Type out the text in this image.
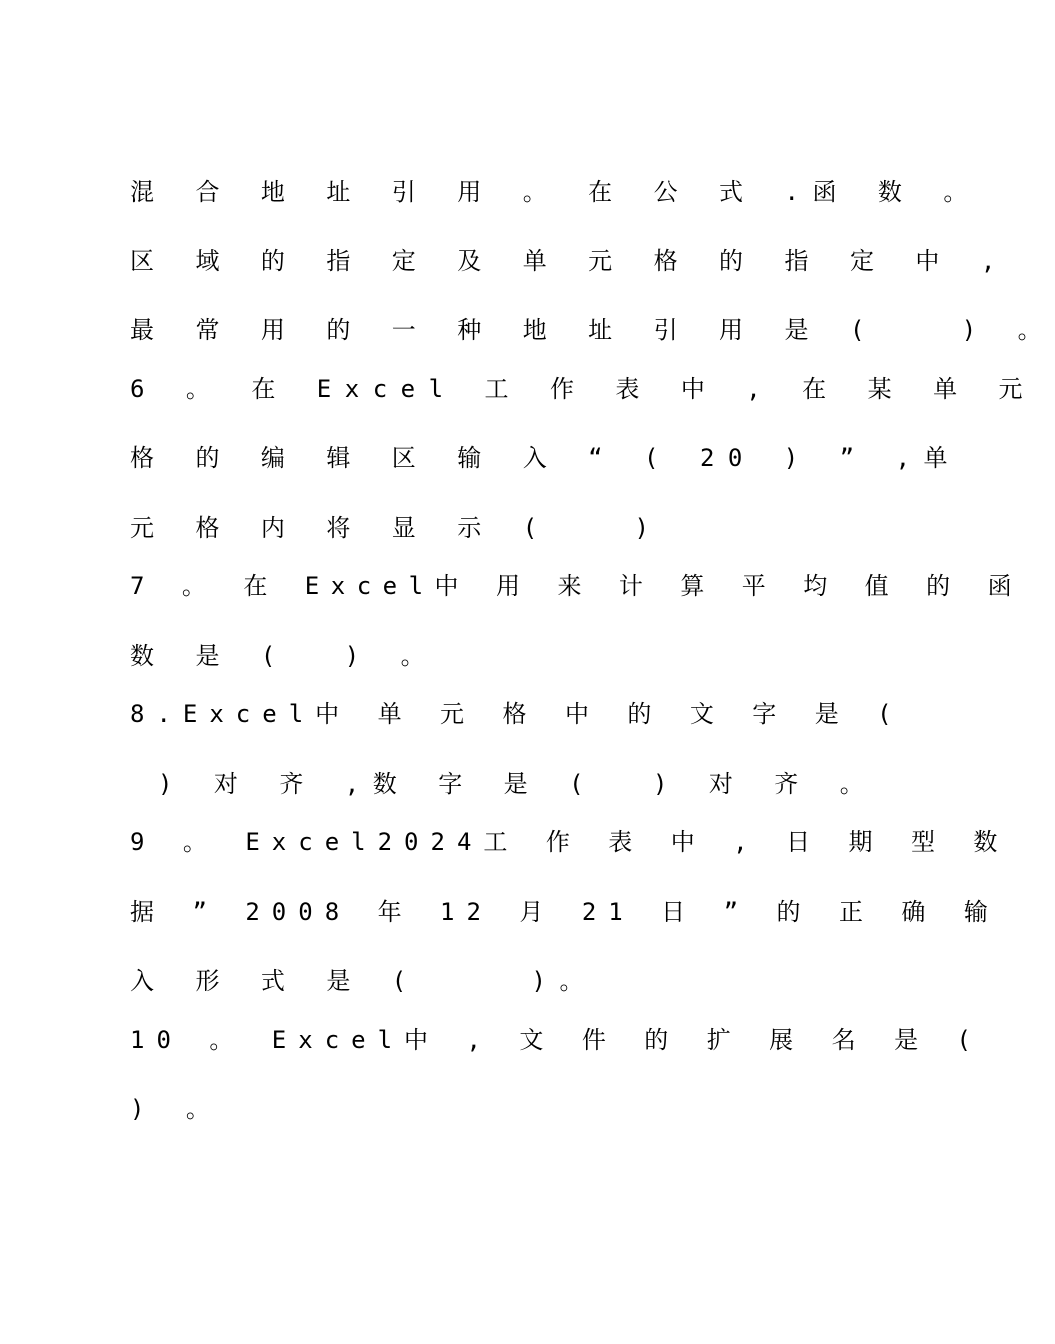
混 合 地 址 引 用 。 在 公 式 .函 数 。
区 域 的 指 定 及 单 元 格 的 指 定 中 ,
最 常 用 的 一 种 地 址 引 用 是 (   ) 。
6 。 在 Excel 工 作 表 中 , 在 某 单 元
格 的 编 辑 区 输 入 “ ( 20 ) ” ,单
元 格 内 将 显 示 (   )
7 。 在 Excel中 用 来 计 算 平 均 值 的 函
数 是 (  ) 。
8.Excel中 单 元 格 中 的 文 字 是 (
) 对 齐 ,数 字 是 (  ) 对 齐 。
9 。 Excel2024工 作 表 中 , 日 期 型 数
据 ” 2008 年 12 月 21 日 ” 的 正 确 输
入 形 式 是 (    )。
10 。 Excel中 , 文 件 的 扩 展 名 是 (
) 。
